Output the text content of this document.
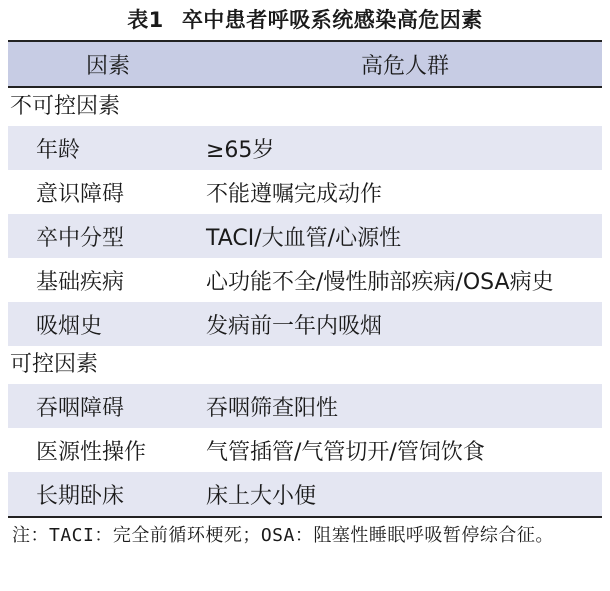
表1 卒中患者呼吸系统感染高危因素
因素	高危人群
不可控因素
年龄	≥65岁
意识障碍	不能遵嘱完成动作
卒中分型	TACI/大血管/心源性
基础疾病	心功能不全/慢性肺部疾病/OSA病史
吸烟史	发病前一年内吸烟
可控因素
吞咽障碍	吞咽筛查阳性
医源性操作	气管插管/气管切开/管饲饮食
长期卧床	床上大小便
注：TACI：完全前循环梗死；OSA：阻塞性睡眠呼吸暂停综合征。
